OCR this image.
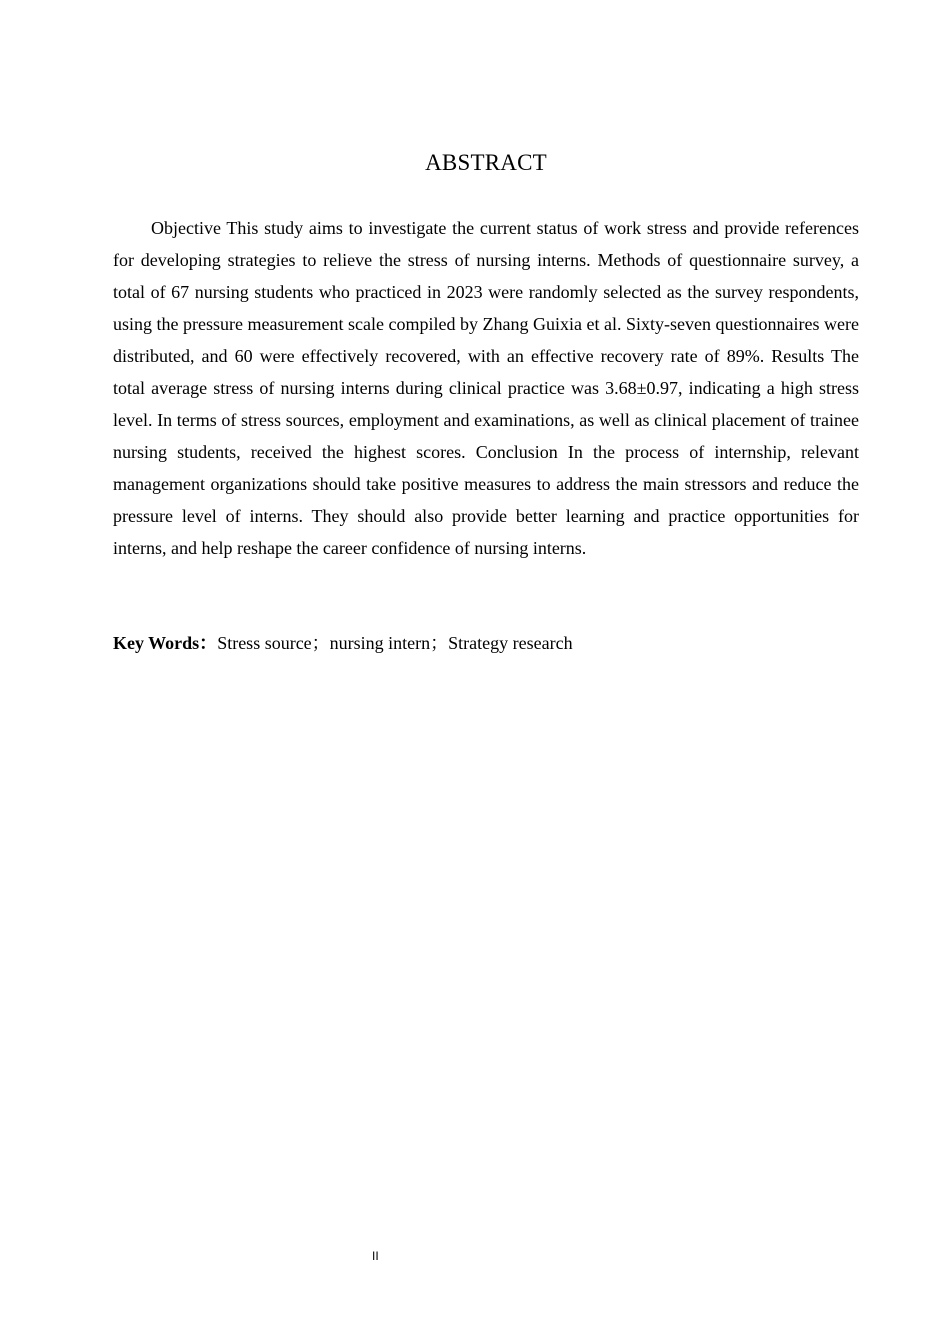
ABSTRACT

Objective This study aims to investigate the current status of work stress and provide references for developing strategies to relieve the stress of nursing interns. Methods of questionnaire survey, a total of 67 nursing students who practiced in 2023 were randomly selected as the survey respondents, using the pressure measurement scale compiled by Zhang Guixia et al. Sixty-seven questionnaires were distributed, and 60 were effectively recovered, with an effective recovery rate of 89%. Results The total average stress of nursing interns during clinical practice was 3.68±0.97, indicating a high stress level. In terms of stress sources, employment and examinations, as well as clinical placement of trainee nursing students, received the highest scores. Conclusion In the process of internship, relevant management organizations should take positive measures to address the main stressors and reduce the pressure level of interns. They should also provide better learning and practice opportunities for interns, and help reshape the career confidence of nursing interns.

Key Words：Stress source；nursing intern；Strategy research

II
